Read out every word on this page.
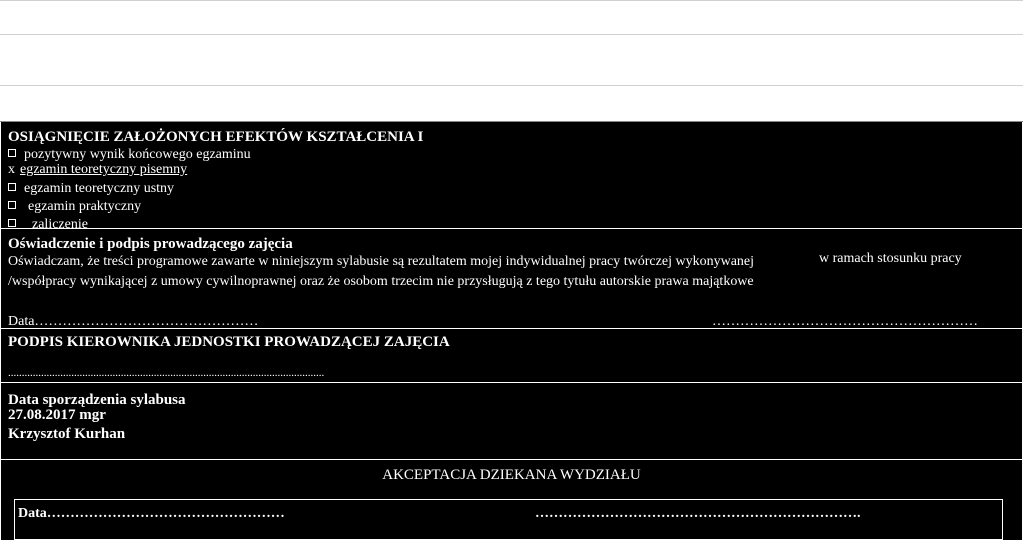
OSIĄGNIĘCIE ZAŁOŻONYCH EFEKTÓW KSZTAŁCENIA I
pozytywny wynik końcowego egzaminu
x egzamin teoretyczny pisemny
egzamin teoretyczny ustny
egzamin praktyczny
zaliczenie
Oświadczenie i podpis prowadzącego zajęcia
Oświadczam, że treści programowe zawarte w niniejszym sylabusie są rezultatem mojej indywidualnej pracy twórczej wykonywanej	w ramach stosunku pracy
/współpracy wynikającej z umowy cywilnoprawnej oraz że osobom trzecim nie przysługują z tego tytułu autorskie prawa majątkowe
Data…………………………………………	…………………………………………………
PODPIS KIEROWNIKA JEDNOSTKI PROWADZĄCEJ ZAJĘCIA
...................................................................................................................
Data sporządzenia sylabusa
27.08.2017 mgr
Krzysztof Kurhan
AKCEPTACJA DZIEKANA WYDZIAŁU
Data……………………………………………	…………………………………………………………….
